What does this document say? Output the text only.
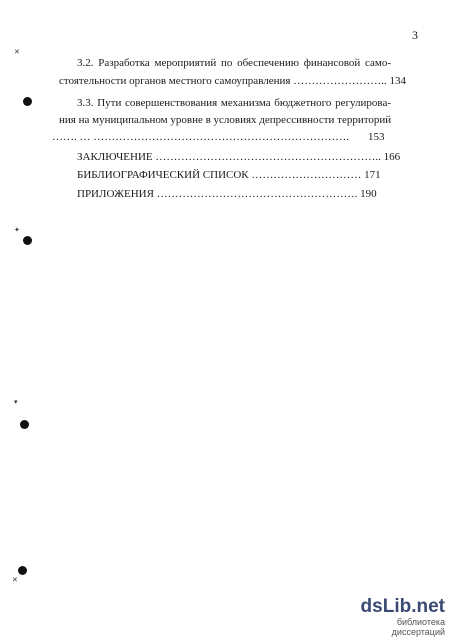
3
3.2. Разработка мероприятий по обеспечению финансовой само-
стоятельности органов местного самоуправления …………………….. 134
3.3. Пути совершенствования механизма бюджетного регулирова-
ния на муниципальном уровне в условиях депрессивности территорий
……. … …………………………………………………………….	153
ЗАКЛЮЧЕНИЕ …………………………………………………….. 166
БИБЛИОГРАФИЧЕСКИЙ СПИСОК ………………………… 171
ПРИЛОЖЕНИЯ ………………………………………………. 190
✕
✦
▾
✕
dsLib.net
библиотека диссертаций
